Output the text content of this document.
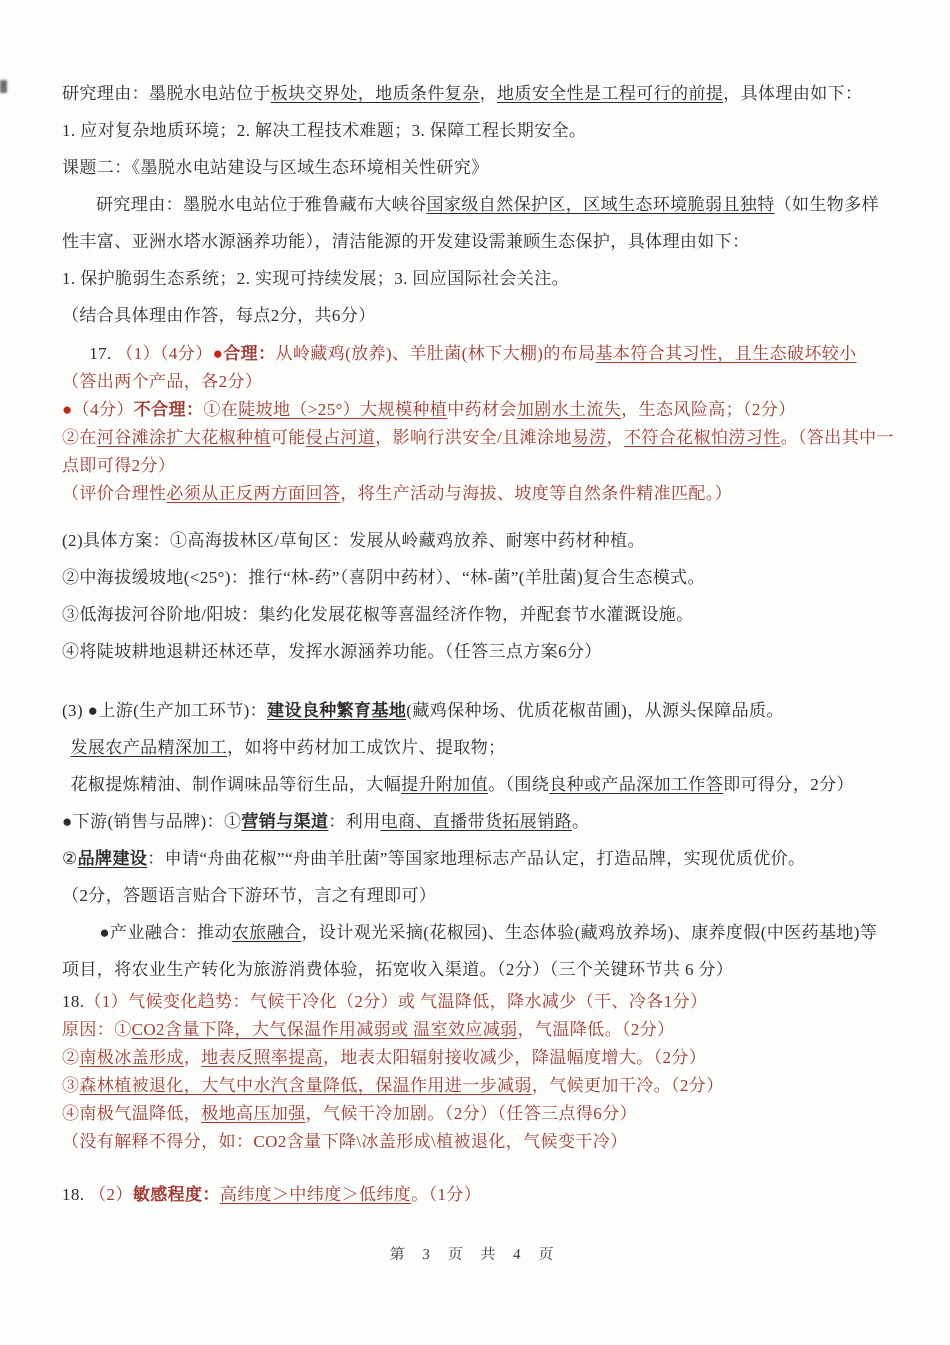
研究理由：墨脱水电站位于板块交界处，地质条件复杂，地质安全性是工程可行的前提，具体理由如下：

1. 应对复杂地质环境；2. 解决工程技术难题；3. 保障工程长期安全。

课题二：《墨脱水电站建设与区域生态环境相关性研究》

研究理由：墨脱水电站位于雅鲁藏布大峡谷国家级自然保护区，区域生态环境脆弱且独特（如生物多样性丰富、亚洲水塔水源涵养功能），清洁能源的开发建设需兼顾生态保护，具体理由如下：

1. 保护脆弱生态系统；2. 实现可持续发展；3. 回应国际社会关注。

（结合具体理由作答，每点2分，共6分）

17. （1）（4分）●合理：从岭藏鸡(放养)、羊肚菌(林下大棚)的布局基本符合其习性，且生态破坏较小

（答出两个产品，各2分）

●（4分）不合理：①在陡坡地（>25°）大规模种植中药材会加剧水土流失，生态风险高；（2分）

②在河谷滩涂扩大花椒种植可能侵占河道，影响行洪安全/且滩涂地易涝，不符合花椒怕涝习性。（答出其中一点即可得2分）

（评价合理性必须从正反两方面回答，将生产活动与海拔、坡度等自然条件精准匹配。）

(2)具体方案：①高海拔林区/草甸区：发展从岭藏鸡放养、耐寒中药材种植。

②中海拔缓坡地(<25°)：推行“林-药”（喜阴中药材）、“林-菌”(羊肚菌)复合生态模式。

③低海拔河谷阶地/阳坡：集约化发展花椒等喜温经济作物，并配套节水灌溉设施。

④将陡坡耕地退耕还林还草，发挥水源涵养功能。（任答三点方案6分）

(3) ●上游(生产加工环节)：建设良种繁育基地(藏鸡保种场、优质花椒苗圃)，从源头保障品质。

发展农产品精深加工，如将中药材加工成饮片、提取物；

花椒提炼精油、制作调味品等衍生品，大幅提升附加值。（围绕良种或产品深加工作答即可得分，2分）

●下游(销售与品牌)：①营销与渠道：利用电商、直播带货拓展销路。

②品牌建设：申请“舟曲花椒”“舟曲羊肚菌”等国家地理标志产品认定，打造品牌，实现优质优价。

（2分，答题语言贴合下游环节，言之有理即可）

●产业融合：推动农旅融合，设计观光采摘(花椒园)、生态体验(藏鸡放养场)、康养度假(中医药基地)等项目，将农业生产转化为旅游消费体验，拓宽收入渠道。（2分）（三个关键环节共 6 分）

18.（1）气候变化趋势：气候干冷化（2分）或 气温降低，降水减少（干、冷各1分）

原因：①CO2含量下降，大气保温作用减弱或 温室效应减弱，气温降低。（2分）

②南极冰盖形成，地表反照率提高，地表太阳辐射接收减少，降温幅度增大。（2分）

③森林植被退化，大气中水汽含量降低，保温作用进一步减弱，气候更加干冷。（2分）

④南极气温降低，极地高压加强，气候干冷加剧。（2分）（任答三点得6分）

（没有解释不得分，如：CO2含量下降\冰盖形成\植被退化，气候变干冷）

18. （2）敏感程度：高纬度＞中纬度＞低纬度。（1分）

第 3 页 共 4 页
